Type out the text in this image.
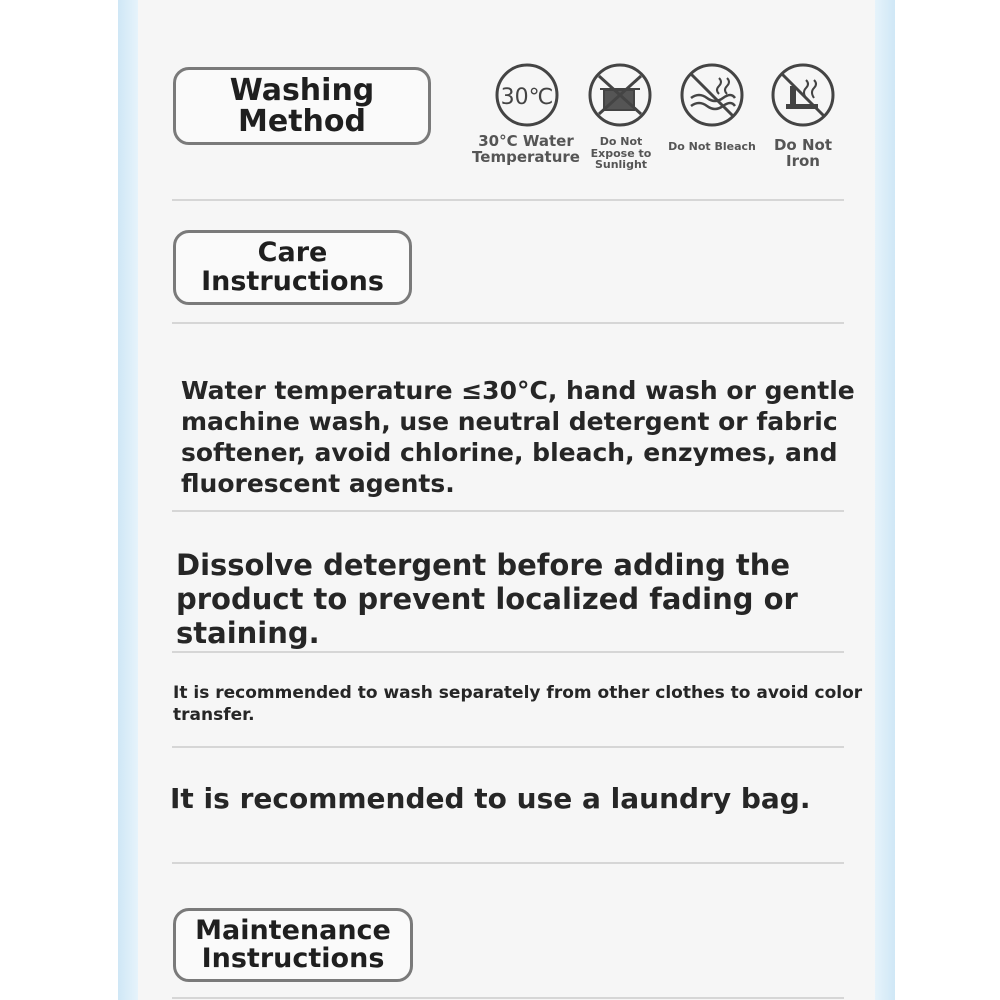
Washing Method
30℃
30°C Water Temperature
Do Not Expose to Sunlight
Do Not Bleach	Do Not Iron
Care Instructions
Water temperature ≤30°C, hand wash or gentle machine wash, use neutral detergent or fabric softener, avoid chlorine, bleach, enzymes, and fluorescent agents.
Dissolve detergent before adding the product to prevent localized fading or staining.
It is recommended to wash separately from other clothes to avoid color transfer.
It is recommended to use a laundry bag.
Maintenance Instructions
